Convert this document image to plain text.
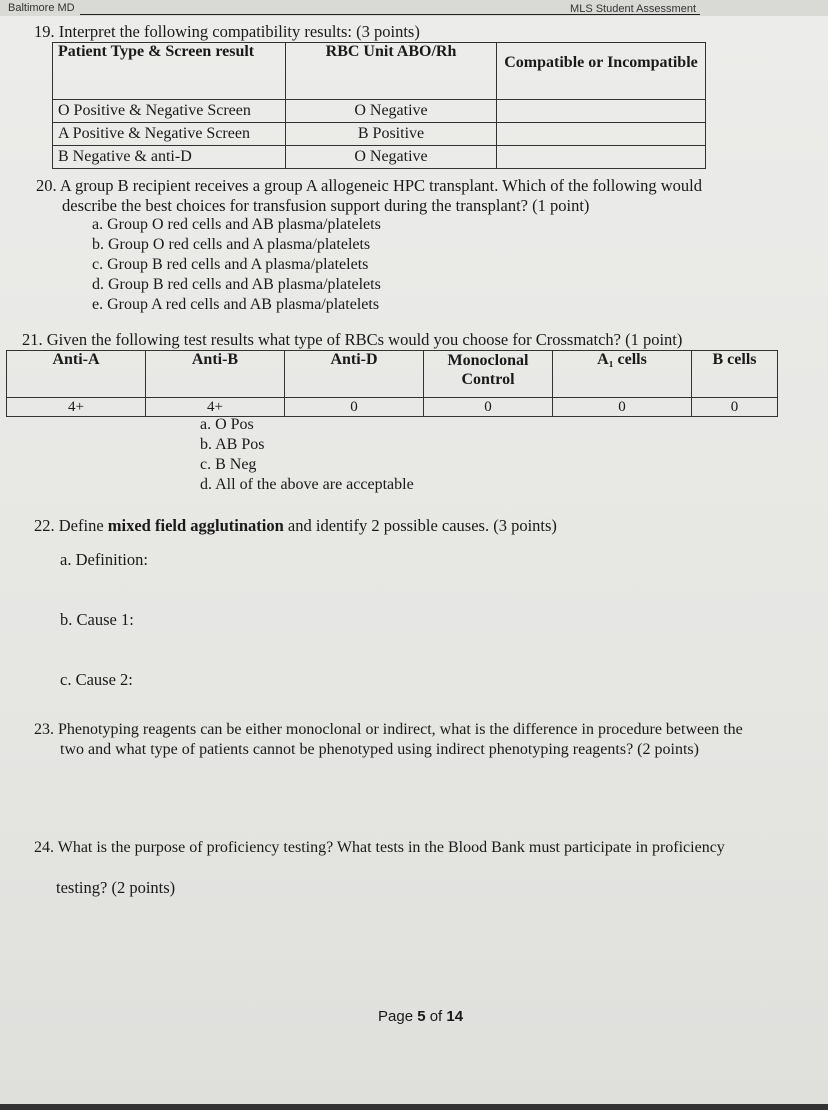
Baltimore MD	MLS Student Assessment
19. Interpret the following compatibility results: (3 points)
Patient Type & Screen result	RBC Unit ABO/Rh	Compatible or Incompatible
O Positive & Negative Screen	O Negative	
A Positive & Negative Screen	B Positive	
B Negative & anti-D	O Negative	
20. A group B recipient receives a group A allogeneic HPC transplant. Which of the following would
describe the best choices for transfusion support during the transplant? (1 point)
a. Group O red cells and AB plasma/platelets
b. Group O red cells and A plasma/platelets
c. Group B red cells and A plasma/platelets
d. Group B red cells and AB plasma/platelets
e. Group A red cells and AB plasma/platelets
21. Given the following test results what type of RBCs would you choose for Crossmatch? (1 point)
Anti-A	Anti-B	Anti-D	Monoclonal Control	A₁ cells	B cells
4+	4+	0	0	0	0
a. O Pos
b. AB Pos
c. B Neg
d. All of the above are acceptable
22. Define mixed field agglutination and identify 2 possible causes. (3 points)
a. Definition:
b. Cause 1:
c. Cause 2:
23. Phenotyping reagents can be either monoclonal or indirect, what is the difference in procedure between the
two and what type of patients cannot be phenotyped using indirect phenotyping reagents? (2 points)
24. What is the purpose of proficiency testing? What tests in the Blood Bank must participate in proficiency
testing? (2 points)
Page 5 of 14
